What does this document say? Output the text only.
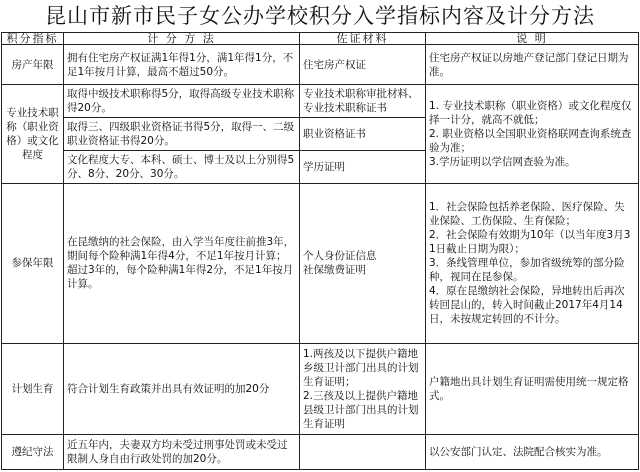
昆山市新市民子女公办学校积分入学指标内容及计分方法
积分指标	计 分 方 法	佐证材料	说 明
房产年限	拥有住宅房产权证满1年得1分，满1年得1分，不足1年按月计算，最高不超过50分。	住宅房产权证	住宅房产权证以房地产登记部门登记日期为准。
专业技术职称（职业资格）或文化程度	取得中级技术职称得5分，取得高级专业技术职称得20分。	专业技术职称审批材料、专业技术职称证书	1. 专业技术职称（职业资格）或文化程度仅择一计分，就高不就低；
2. 职业资格以全国职业资格联网查询系统查验为准；
3.学历证明以学信网查验为准。
	取得三、四级职业资格证书得5分，取得一、二级职业资格证书得20分。	职业资格证书	
	文化程度大专、本科、硕士、博士及以上分别得5分、8分、20分、30分。	学历证明	
参保年限	在昆缴纳的社会保险，由入学当年度往前推3年，期间每个险种满1年得4分，不足1年按月计算；超过3年的，每个险种满1年得2分，不足1年按月计算。	个人身份证信息
社保缴费证明	1．社会保险包括养老保险、医疗保险、失业保险、工伤保险、生育保险；
2．社会保险有效期为10年（以当年度3月31日截止日期为限）；
3．条线管理单位，参加省级统筹的部分险种，视同在昆参保。
4．原在昆缴纳社会保险，异地转出后再次转回昆山的，转入时间截止2017年4月14日，未按规定转回的不计分。
计划生育	符合计划生育政策并出具有效证明的加20分	1.两孩及以下提供户籍地乡级卫计部门出具的计划生育证明；
2.三孩及以上提供户籍地县级卫计部门出具的计划生育证明	户籍地出具计划生育证明需使用统一规定格式。
遵纪守法	近五年内，夫妻双方均未受过刑事处罚或未受过限制人身自由行政处罚的加20分。		以公安部门认定、法院配合核实为准。
